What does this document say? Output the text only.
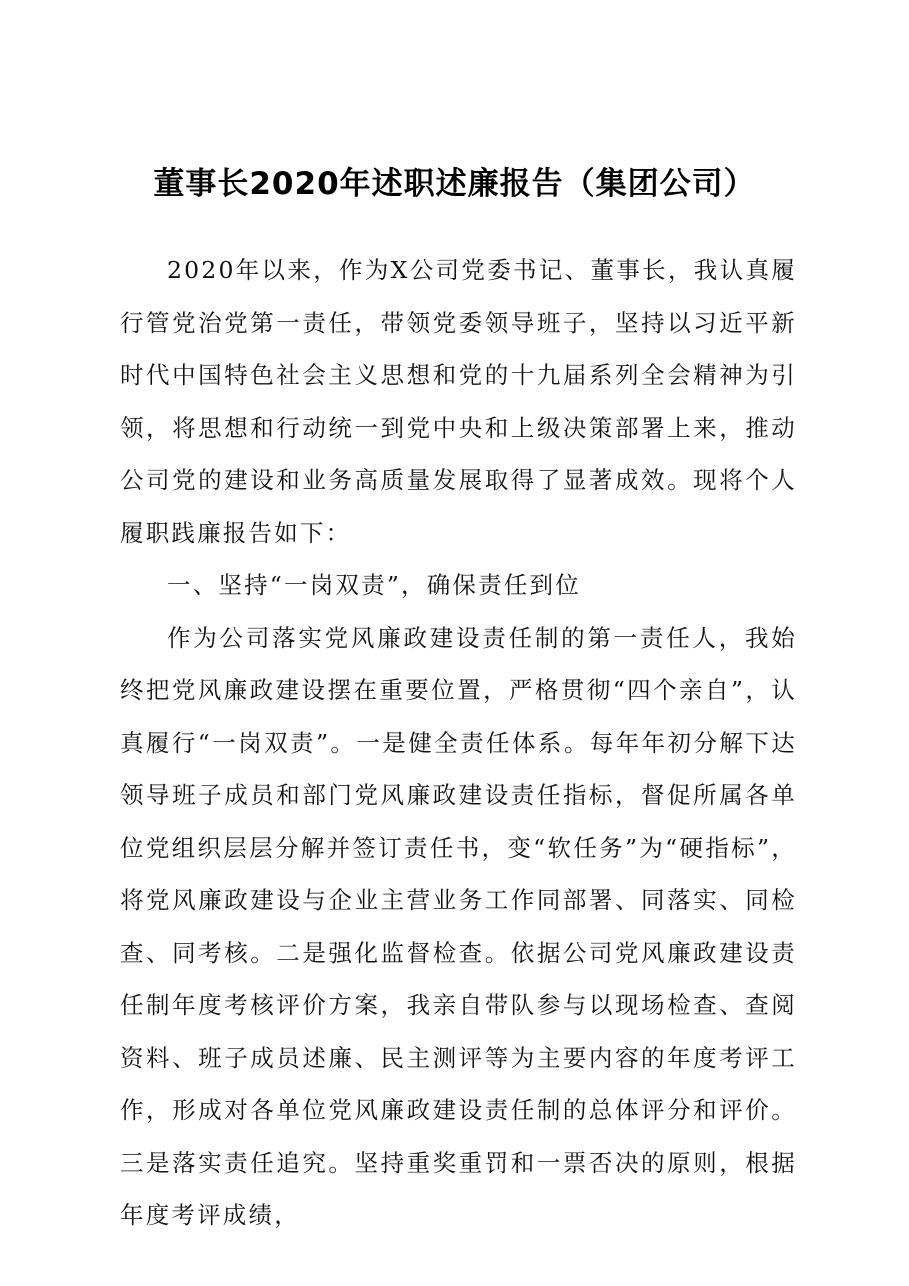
董事长2020年述职述廉报告（集团公司）

2020年以来，作为X公司党委书记、董事长，我认真履行管党治党第一责任，带领党委领导班子，坚持以习近平新时代中国特色社会主义思想和党的十九届系列全会精神为引领，将思想和行动统一到党中央和上级决策部署上来，推动公司党的建设和业务高质量发展取得了显著成效。现将个人履职践廉报告如下：

一、坚持“一岗双责”，确保责任到位

作为公司落实党风廉政建设责任制的第一责任人，我始终把党风廉政建设摆在重要位置，严格贯彻“四个亲自”，认真履行“一岗双责”。一是健全责任体系。每年年初分解下达领导班子成员和部门党风廉政建设责任指标，督促所属各单位党组织层层分解并签订责任书，变“软任务”为“硬指标”，将党风廉政建设与企业主营业务工作同部署、同落实、同检查、同考核。二是强化监督检查。依据公司党风廉政建设责任制年度考核评价方案，我亲自带队参与以现场检查、查阅资料、班子成员述廉、民主测评等为主要内容的年度考评工作，形成对各单位党风廉政建设责任制的总体评分和评价。三是落实责任追究。坚持重奖重罚和一票否决的原则，根据年度考评成绩，
